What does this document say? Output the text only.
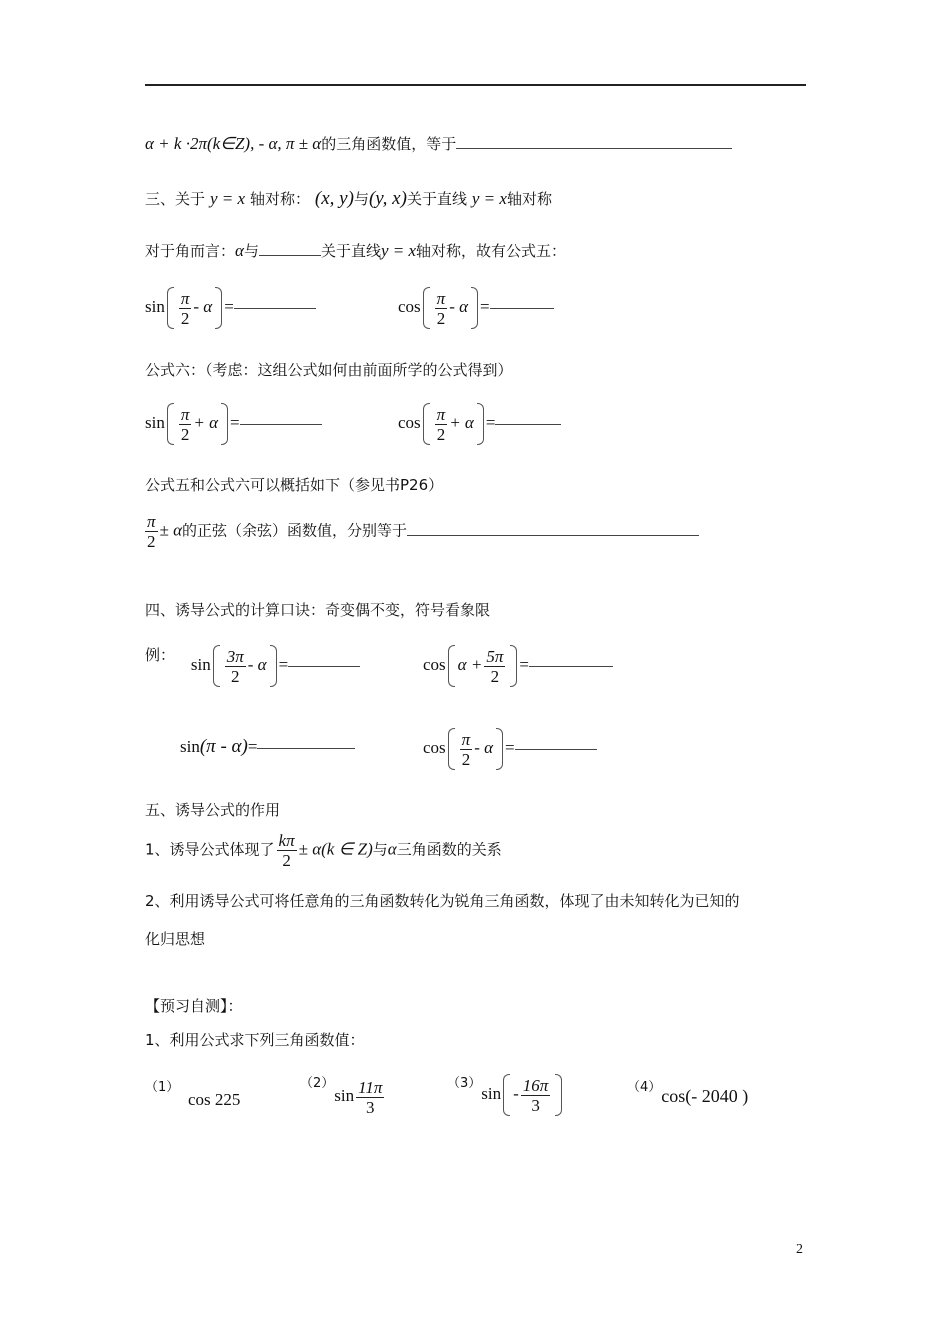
α + k ·2π(k∈Z), - α, π ± α的三角函数值，等于
三、关于 y = x 轴对称： (x, y)与(y, x)关于直线 y = x轴对称
对于角而言：α与	关于直线y = x轴对称，故有公式五：
$\sin \frac{\pi}{2}$ - α =	$\cos \frac{\pi}{2}$ - α =
公式六：（考虑：这组公式如何由前面所学的公式得到）
$\sin \frac{\pi}{2} + \alpha$ =	$\cos \frac{\pi}{2} + \alpha$ =
公式五和公式六可以概括如下（参见书P26）
$\frac{\pi}{2} \pm \alpha$的正弦（余弦）函数值，分别等于
四、诱导公式的计算口诀：奇变偶不变，符号看象限
例： $\sin \frac{3\pi}{2}$ - α =	$\cos \alpha + \frac{5\pi}{2}$ =
sin(π - α)=	$\cos \frac{\pi}{2}$ - α =
五、诱导公式的作用
1、诱导公式体现了 $\frac{k\pi}{2} \pm \alpha(k$ ∈ Z)与α三角函数的关系
2、利用诱导公式可将任意角的三角函数转化为锐角三角函数，体现了由未知转化为已知的
化归思想
【预习自测】：
1、利用公式求下列三角函数值：
$^{(1)}$
cos 225
$^{(2)}\sin \frac{11\pi}{3}$	$^{(3)}\sin - \frac{16\pi}{3}$	$^{(4)}$cos(- 2040 )
2
